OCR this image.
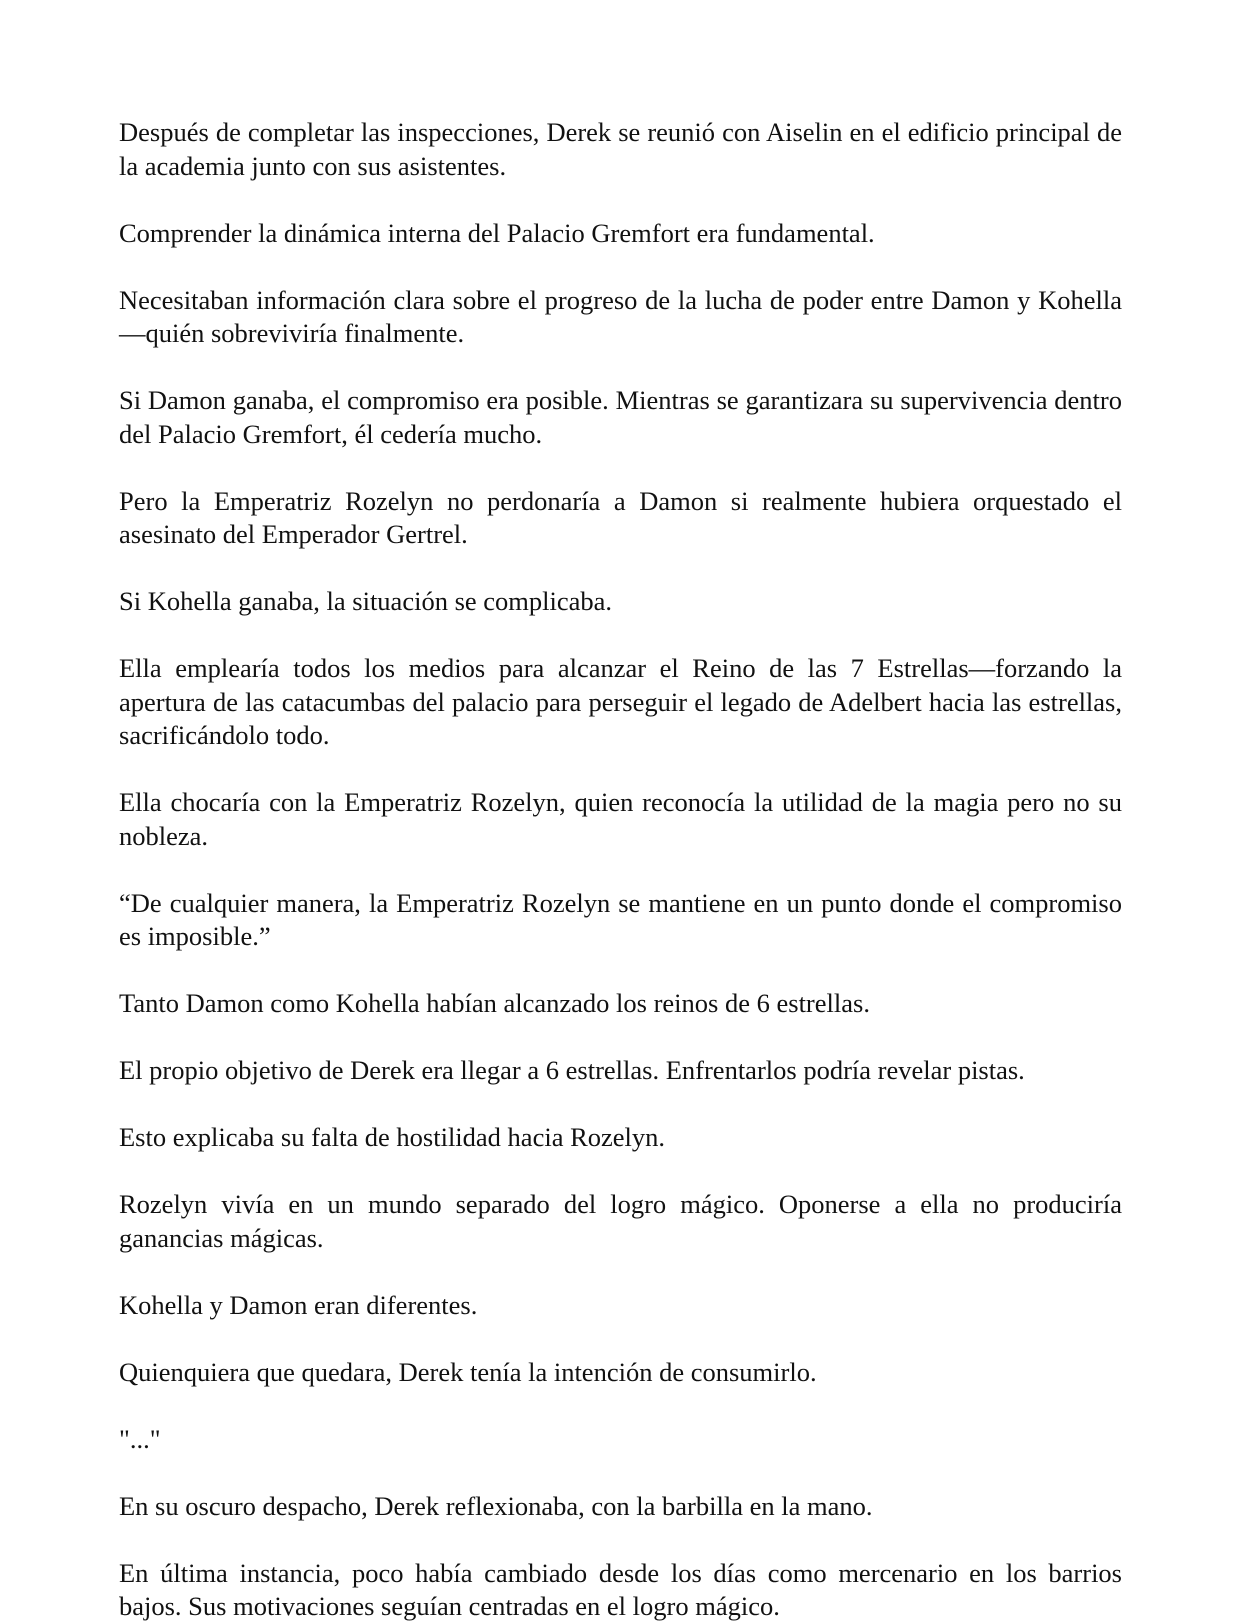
Después de completar las inspecciones, Derek se reunió con Aiselin en el edificio principal de la academia junto con sus asistentes.

Comprender la dinámica interna del Palacio Gremfort era fundamental.

Necesitaban información clara sobre el progreso de la lucha de poder entre Damon y Kohella—quién sobreviviría finalmente.

Si Damon ganaba, el compromiso era posible. Mientras se garantizara su supervivencia dentro del Palacio Gremfort, él cedería mucho.

Pero la Emperatriz Rozelyn no perdonaría a Damon si realmente hubiera orquestado el asesinato del Emperador Gertrel.

Si Kohella ganaba, la situación se complicaba.

Ella emplearía todos los medios para alcanzar el Reino de las 7 Estrellas—forzando la apertura de las catacumbas del palacio para perseguir el legado de Adelbert hacia las estrellas, sacrificándolo todo.

Ella chocaría con la Emperatriz Rozelyn, quien reconocía la utilidad de la magia pero no su nobleza.

“De cualquier manera, la Emperatriz Rozelyn se mantiene en un punto donde el compromiso es imposible.”

Tanto Damon como Kohella habían alcanzado los reinos de 6 estrellas.

El propio objetivo de Derek era llegar a 6 estrellas. Enfrentarlos podría revelar pistas.

Esto explicaba su falta de hostilidad hacia Rozelyn.

Rozelyn vivía en un mundo separado del logro mágico. Oponerse a ella no produciría ganancias mágicas.

Kohella y Damon eran diferentes.

Quienquiera que quedara, Derek tenía la intención de consumirlo.

"..."

En su oscuro despacho, Derek reflexionaba, con la barbilla en la mano.

En última instancia, poco había cambiado desde los días como mercenario en los barrios bajos. Sus motivaciones seguían centradas en el logro mágico.
